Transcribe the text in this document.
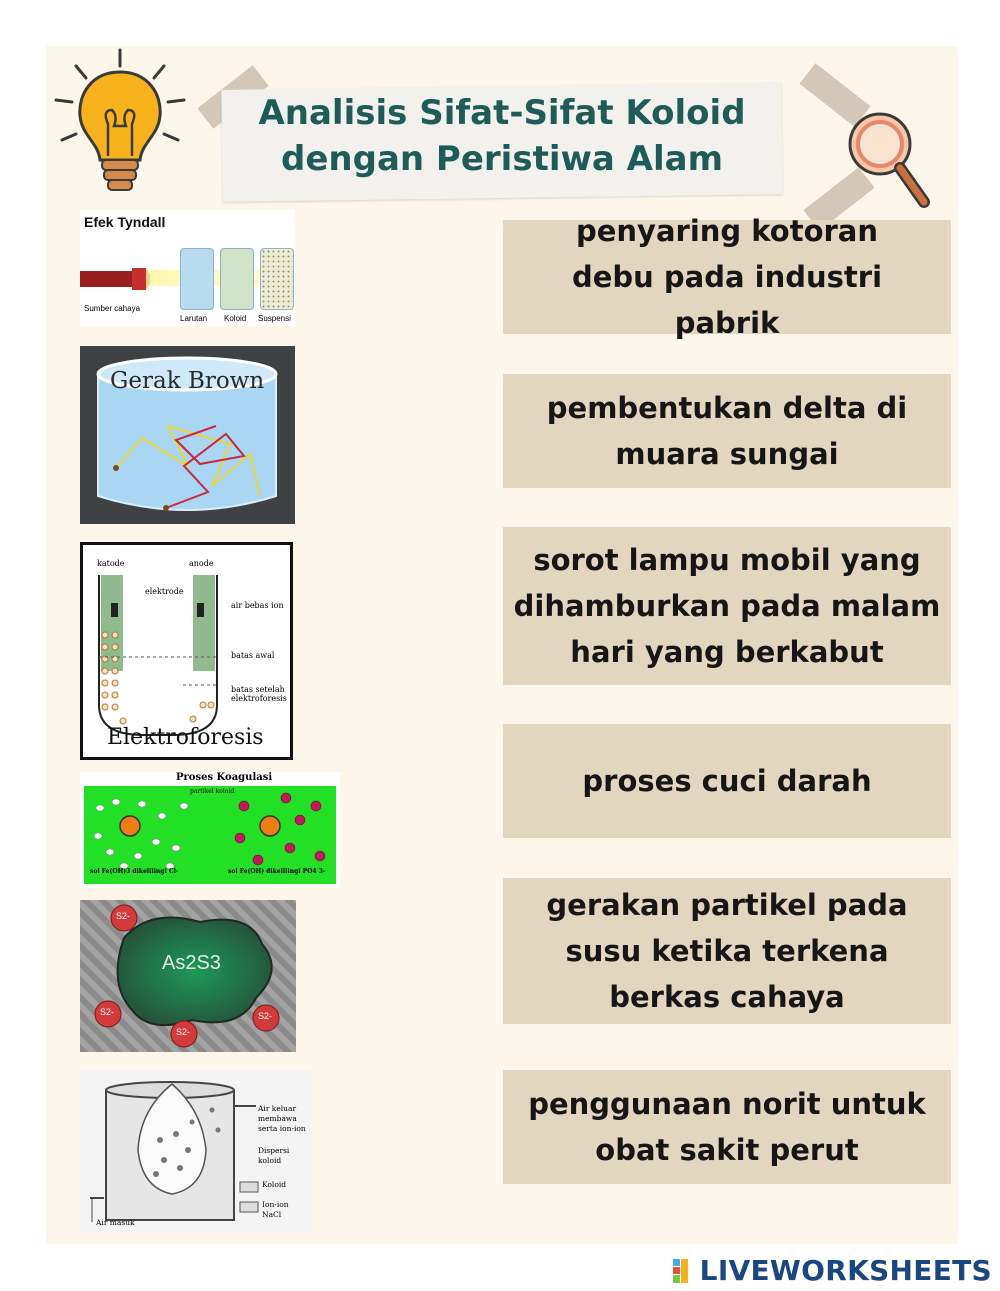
Analisis Sifat-Sifat Koloid
dengan Peristiwa Alam
Efek Tyndall
Sumber cahaya
Larutan Koloid Suspensi
Gerak Brown
katode	anode
elektrode
air bebas ion
batas awal
batas setelah elektroforesis
Elektroforesis
Proses Koagulasi
partikel koloid
sol Fe(OH)3 dikelilingi Cl-	sol Fe(OH) dikelilingi PO4 3-
As2S3
S2-
S2-
S2-
S2-
Air keluar membawa serta ion-ion
Dispersi koloid
Koloid
Ion-ion NaCl
Air masuk
penyaring kotoran debu pada industri pabrik
pembentukan delta di muara sungai
sorot lampu mobil yang dihamburkan pada malam hari yang berkabut
proses cuci darah
gerakan partikel pada susu ketika terkena berkas cahaya
penggunaan norit untuk obat sakit perut
LIVEWORKSHEETS
